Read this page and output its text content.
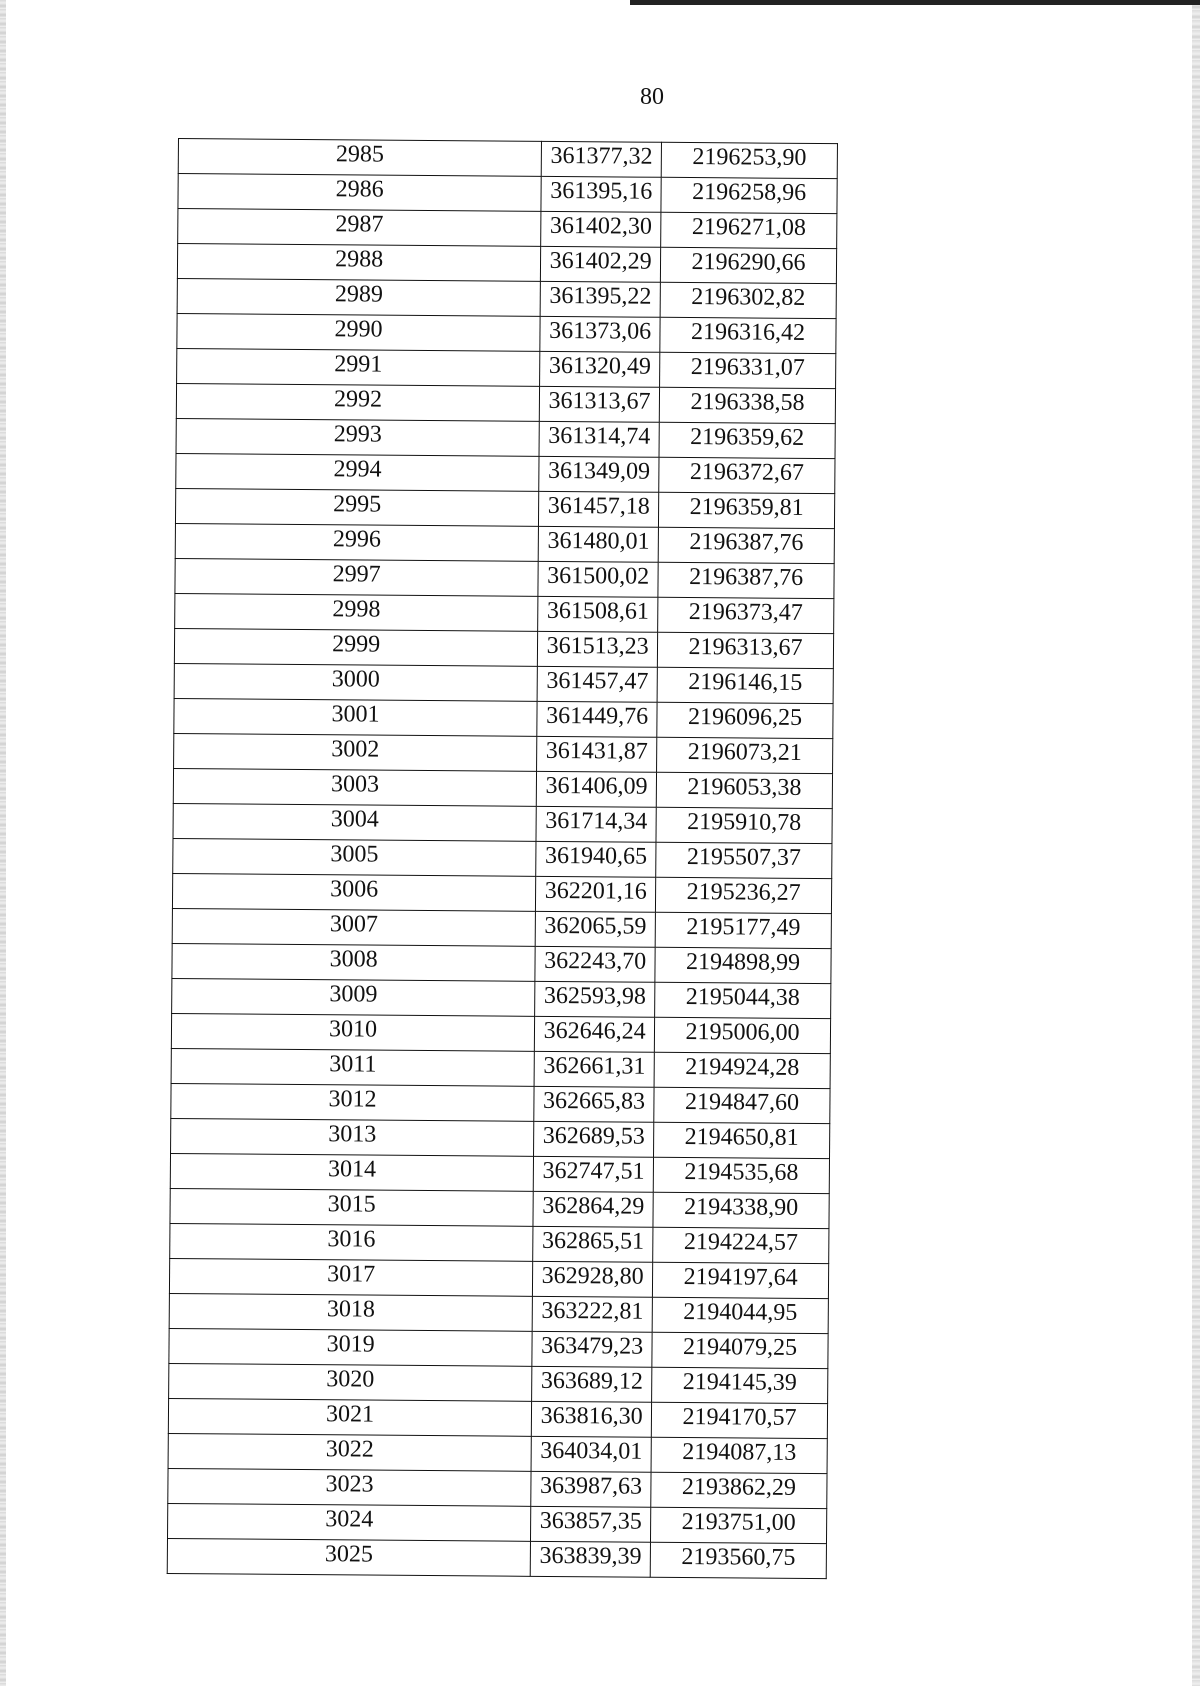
80
2985	361377,32	2196253,90
2986	361395,16	2196258,96
2987	361402,30	2196271,08
2988	361402,29	2196290,66
2989	361395,22	2196302,82
2990	361373,06	2196316,42
2991	361320,49	2196331,07
2992	361313,67	2196338,58
2993	361314,74	2196359,62
2994	361349,09	2196372,67
2995	361457,18	2196359,81
2996	361480,01	2196387,76
2997	361500,02	2196387,76
2998	361508,61	2196373,47
2999	361513,23	2196313,67
3000	361457,47	2196146,15
3001	361449,76	2196096,25
3002	361431,87	2196073,21
3003	361406,09	2196053,38
3004	361714,34	2195910,78
3005	361940,65	2195507,37
3006	362201,16	2195236,27
3007	362065,59	2195177,49
3008	362243,70	2194898,99
3009	362593,98	2195044,38
3010	362646,24	2195006,00
3011	362661,31	2194924,28
3012	362665,83	2194847,60
3013	362689,53	2194650,81
3014	362747,51	2194535,68
3015	362864,29	2194338,90
3016	362865,51	2194224,57
3017	362928,80	2194197,64
3018	363222,81	2194044,95
3019	363479,23	2194079,25
3020	363689,12	2194145,39
3021	363816,30	2194170,57
3022	364034,01	2194087,13
3023	363987,63	2193862,29
3024	363857,35	2193751,00
3025	363839,39	2193560,75
